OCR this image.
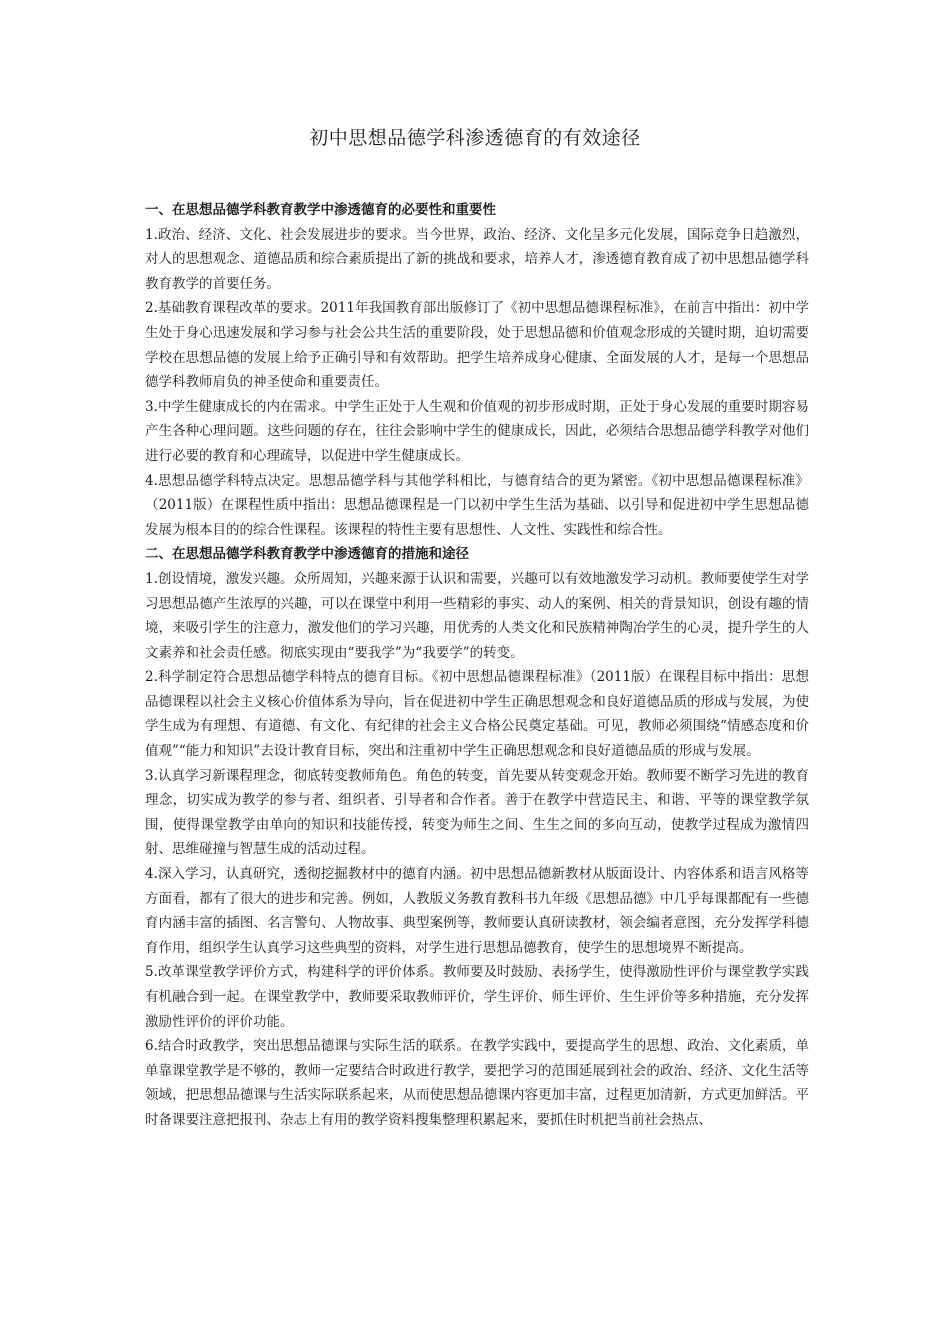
初中思想品德学科渗透德育的有效途径

一、在思想品德学科教育教学中渗透德育的必要性和重要性

1.政治、经济、文化、社会发展进步的要求。当今世界，政治、经济、文化呈多元化发展，国际竞争日趋激烈，对人的思想观念、道德品质和综合素质提出了新的挑战和要求，培养人才，渗透德育教育成了初中思想品德学科教育教学的首要任务。

2.基础教育课程改革的要求。2011年我国教育部出版修订了《初中思想品德课程标准》，在前言中指出：初中学生处于身心迅速发展和学习参与社会公共生活的重要阶段，处于思想品德和价值观念形成的关键时期，迫切需要学校在思想品德的发展上给予正确引导和有效帮助。把学生培养成身心健康、全面发展的人才，是每一个思想品德学科教师肩负的神圣使命和重要责任。

3.中学生健康成长的内在需求。中学生正处于人生观和价值观的初步形成时期，正处于身心发展的重要时期容易产生各种心理问题。这些问题的存在，往往会影响中学生的健康成长，因此，必须结合思想品德学科教学对他们进行必要的教育和心理疏导，以促进中学生健康成长。

4.思想品德学科特点决定。思想品德学科与其他学科相比，与德育结合的更为紧密。《初中思想品德课程标准》（2011版）在课程性质中指出：思想品德课程是一门以初中学生生活为基础、以引导和促进初中学生思想品德发展为根本目的的综合性课程。该课程的特性主要有思想性、人文性、实践性和综合性。

二、在思想品德学科教育教学中渗透德育的措施和途径

1.创设情境，激发兴趣。众所周知，兴趣来源于认识和需要，兴趣可以有效地激发学习动机。教师要使学生对学习思想品德产生浓厚的兴趣，可以在课堂中利用一些精彩的事实、动人的案例、相关的背景知识，创设有趣的情境，来吸引学生的注意力，激发他们的学习兴趣，用优秀的人类文化和民族精神陶冶学生的心灵，提升学生的人文素养和社会责任感。彻底实现由“要我学”为“我要学”的转变。

2.科学制定符合思想品德学科特点的德育目标。《初中思想品德课程标准》（2011版）在课程目标中指出：思想品德课程以社会主义核心价值体系为导向，旨在促进初中学生正确思想观念和良好道德品质的形成与发展，为使学生成为有理想、有道德、有文化、有纪律的社会主义合格公民奠定基础。可见，教师必须围绕“情感态度和价值观”“能力和知识”去设计教育目标，突出和注重初中学生正确思想观念和良好道德品质的形成与发展。

3.认真学习新课程理念，彻底转变教师角色。角色的转变，首先要从转变观念开始。教师要不断学习先进的教育理念，切实成为教学的参与者、组织者、引导者和合作者。善于在教学中营造民主、和谐、平等的课堂教学氛围，使得课堂教学由单向的知识和技能传授，转变为师生之间、生生之间的多向互动，使教学过程成为激情四射、思维碰撞与智慧生成的活动过程。

4.深入学习，认真研究，透彻挖掘教材中的德育内涵。初中思想品德新教材从版面设计、内容体系和语言风格等方面看，都有了很大的进步和完善。例如，人教版义务教育教科书九年级《思想品德》中几乎每课都配有一些德育内涵丰富的插图、名言警句、人物故事、典型案例等，教师要认真研读教材，领会编者意图，充分发挥学科德育作用，组织学生认真学习这些典型的资料，对学生进行思想品德教育，使学生的思想境界不断提高。

5.改革课堂教学评价方式，构建科学的评价体系。教师要及时鼓励、表扬学生，使得激励性评价与课堂教学实践有机融合到一起。在课堂教学中，教师要采取教师评价，学生评价、师生评价、生生评价等多种措施，充分发挥激励性评价的评价功能。

6.结合时政教学，突出思想品德课与实际生活的联系。在教学实践中，要提高学生的思想、政治、文化素质，单单靠课堂教学是不够的，教师一定要结合时政进行教学，要把学习的范围延展到社会的政治、经济、文化生活等领域，把思想品德课与生活实际联系起来，从而使思想品德课内容更加丰富，过程更加清新，方式更加鲜活。平时备课要注意把报刊、杂志上有用的教学资料搜集整理积累起来，要抓住时机把当前社会热点、
